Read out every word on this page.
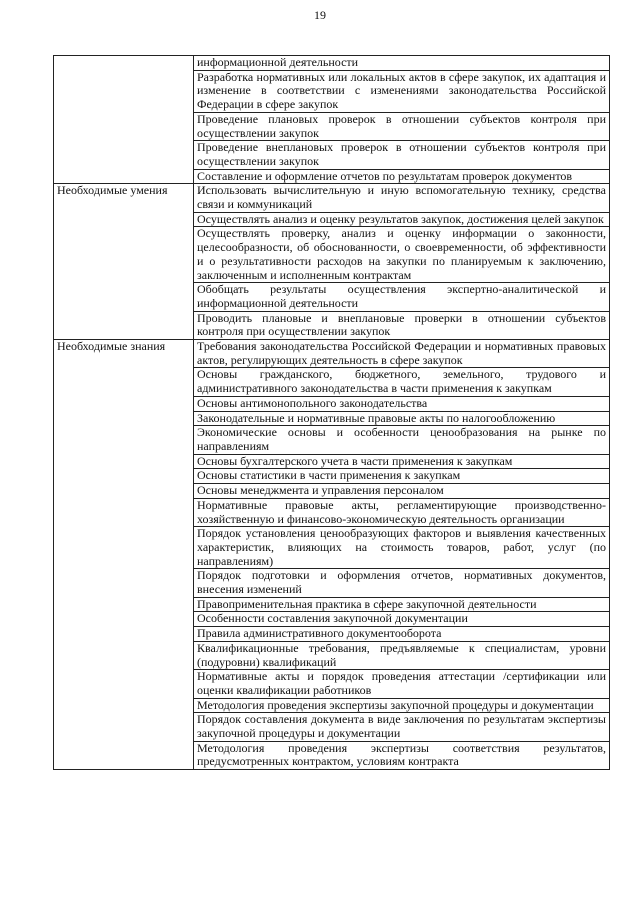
19
	информационной деятельности
	Разработка нормативных или локальных актов в сфере закупок, их адаптация и изменение в соответствии с изменениями законодательства Российской Федерации в сфере закупок
	Проведение плановых проверок в отношении субъектов контроля при осуществлении закупок
	Проведение внеплановых проверок в отношении субъектов контроля при осуществлении закупок
	Составление и оформление отчетов по результатам проверок документов
Необходимые умения	Использовать вычислительную и иную вспомогательную технику, средства связи и коммуникаций
	Осуществлять анализ и оценку результатов закупок, достижения целей закупок
	Осуществлять проверку, анализ и оценку информации о законности, целесообразности, об обоснованности, о своевременности, об эффективности и о результативности расходов на закупки по планируемым к заключению, заключенным и исполненным контрактам
	Обобщать результаты осуществления экспертно-аналитической и информационной деятельности
	Проводить плановые и внеплановые проверки в отношении субъектов контроля при осуществлении закупок
Необходимые знания	Требования законодательства Российской Федерации и нормативных правовых актов, регулирующих деятельность в сфере закупок
	Основы гражданского, бюджетного, земельного, трудового и административного законодательства в части применения к закупкам
	Основы антимонопольного законодательства
	Законодательные и нормативные правовые акты по налогообложению
	Экономические основы и особенности ценообразования на рынке по направлениям
	Основы бухгалтерского учета в части применения к закупкам
	Основы статистики в части применения к закупкам
	Основы менеджмента и управления персоналом
	Нормативные правовые акты, регламентирующие производственно-хозяйственную и финансово-экономическую деятельность организации
	Порядок установления ценообразующих факторов и выявления качественных характеристик, влияющих на стоимость товаров, работ, услуг (по направлениям)
	Порядок подготовки и оформления отчетов, нормативных документов, внесения изменений
	Правоприменительная практика в сфере закупочной деятельности
	Особенности составления закупочной документации
	Правила административного документооборота
	Квалификационные требования, предъявляемые к специалистам, уровни (подуровни) квалификаций
	Нормативные акты и порядок проведения аттестации /сертификации или оценки квалификации работников
	Методология проведения экспертизы закупочной процедуры и документации
	Порядок составления документа в виде заключения по результатам экспертизы закупочной процедуры и документации
	Методология проведения экспертизы соответствия результатов, предусмотренных контрактом, условиям контракта
